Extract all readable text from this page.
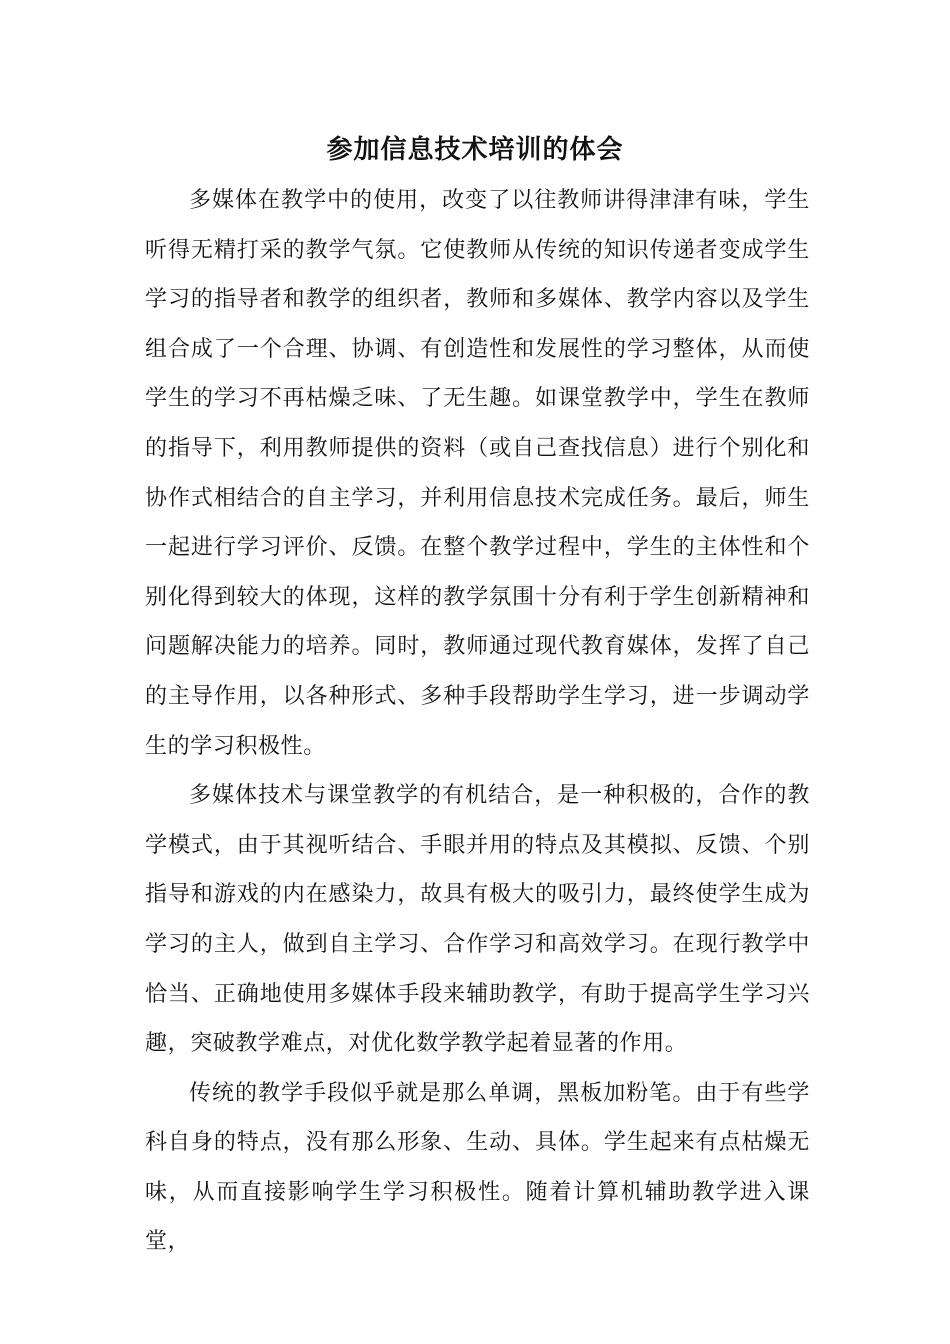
参加信息技术培训的体会

多媒体在教学中的使用，改变了以往教师讲得津津有味，学生听得无精打采的教学气氛。它使教师从传统的知识传递者变成学生学习的指导者和教学的组织者，教师和多媒体、教学内容以及学生组合成了一个合理、协调、有创造性和发展性的学习整体，从而使学生的学习不再枯燥乏味、了无生趣。如课堂教学中，学生在教师的指导下，利用教师提供的资料（或自己查找信息）进行个别化和协作式相结合的自主学习，并利用信息技术完成任务。最后，师生一起进行学习评价、反馈。在整个教学过程中，学生的主体性和个别化得到较大的体现，这样的教学氛围十分有利于学生创新精神和问题解决能力的培养。同时，教师通过现代教育媒体，发挥了自己的主导作用，以各种形式、多种手段帮助学生学习，进一步调动学生的学习积极性。

多媒体技术与课堂教学的有机结合，是一种积极的，合作的教学模式，由于其视听结合、手眼并用的特点及其模拟、反馈、个别指导和游戏的内在感染力，故具有极大的吸引力，最终使学生成为学习的主人，做到自主学习、合作学习和高效学习。在现行教学中恰当、正确地使用多媒体手段来辅助教学，有助于提高学生学习兴趣，突破教学难点，对优化数学教学起着显著的作用。

传统的教学手段似乎就是那么单调，黑板加粉笔。由于有些学科自身的特点，没有那么形象、生动、具体。学生起来有点枯燥无味，从而直接影响学生学习积极性。随着计算机辅助教学进入课堂，
